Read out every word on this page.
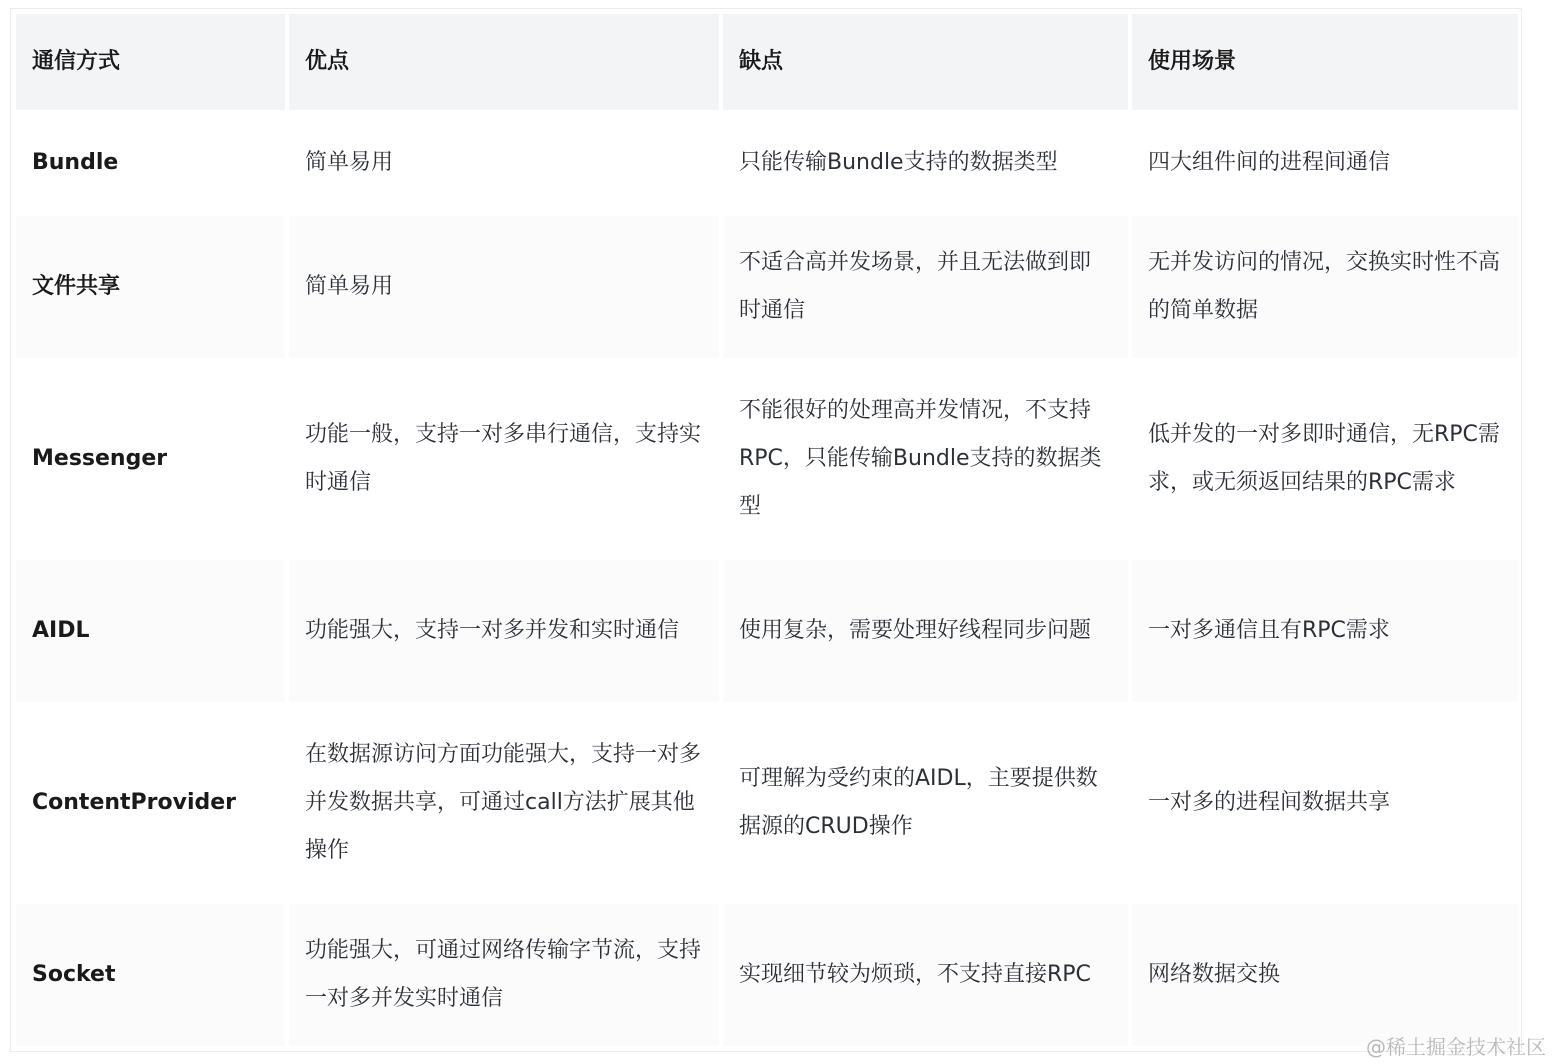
通信方式	优点	缺点	使用场景
Bundle	简单易用	只能传输Bundle支持的数据类型	四大组件间的进程间通信
文件共享	简单易用	不适合高并发场景，并且无法做到即时通信	无并发访问的情况，交换实时性不高的简单数据
Messenger	功能一般，支持一对多串行通信，支持实时通信	不能很好的处理高并发情况，不支持RPC，只能传输Bundle支持的数据类型	低并发的一对多即时通信，无RPC需求，或无须返回结果的RPC需求
AIDL	功能强大，支持一对多并发和实时通信	使用复杂，需要处理好线程同步问题	一对多通信且有RPC需求
ContentProvider	在数据源访问方面功能强大，支持一对多并发数据共享，可通过call方法扩展其他操作	可理解为受约束的AIDL，主要提供数据源的CRUD操作	一对多的进程间数据共享
Socket	功能强大，可通过网络传输字节流，支持一对多并发实时通信	实现细节较为烦琐，不支持直接RPC	网络数据交换
@稀土掘金技术社区
